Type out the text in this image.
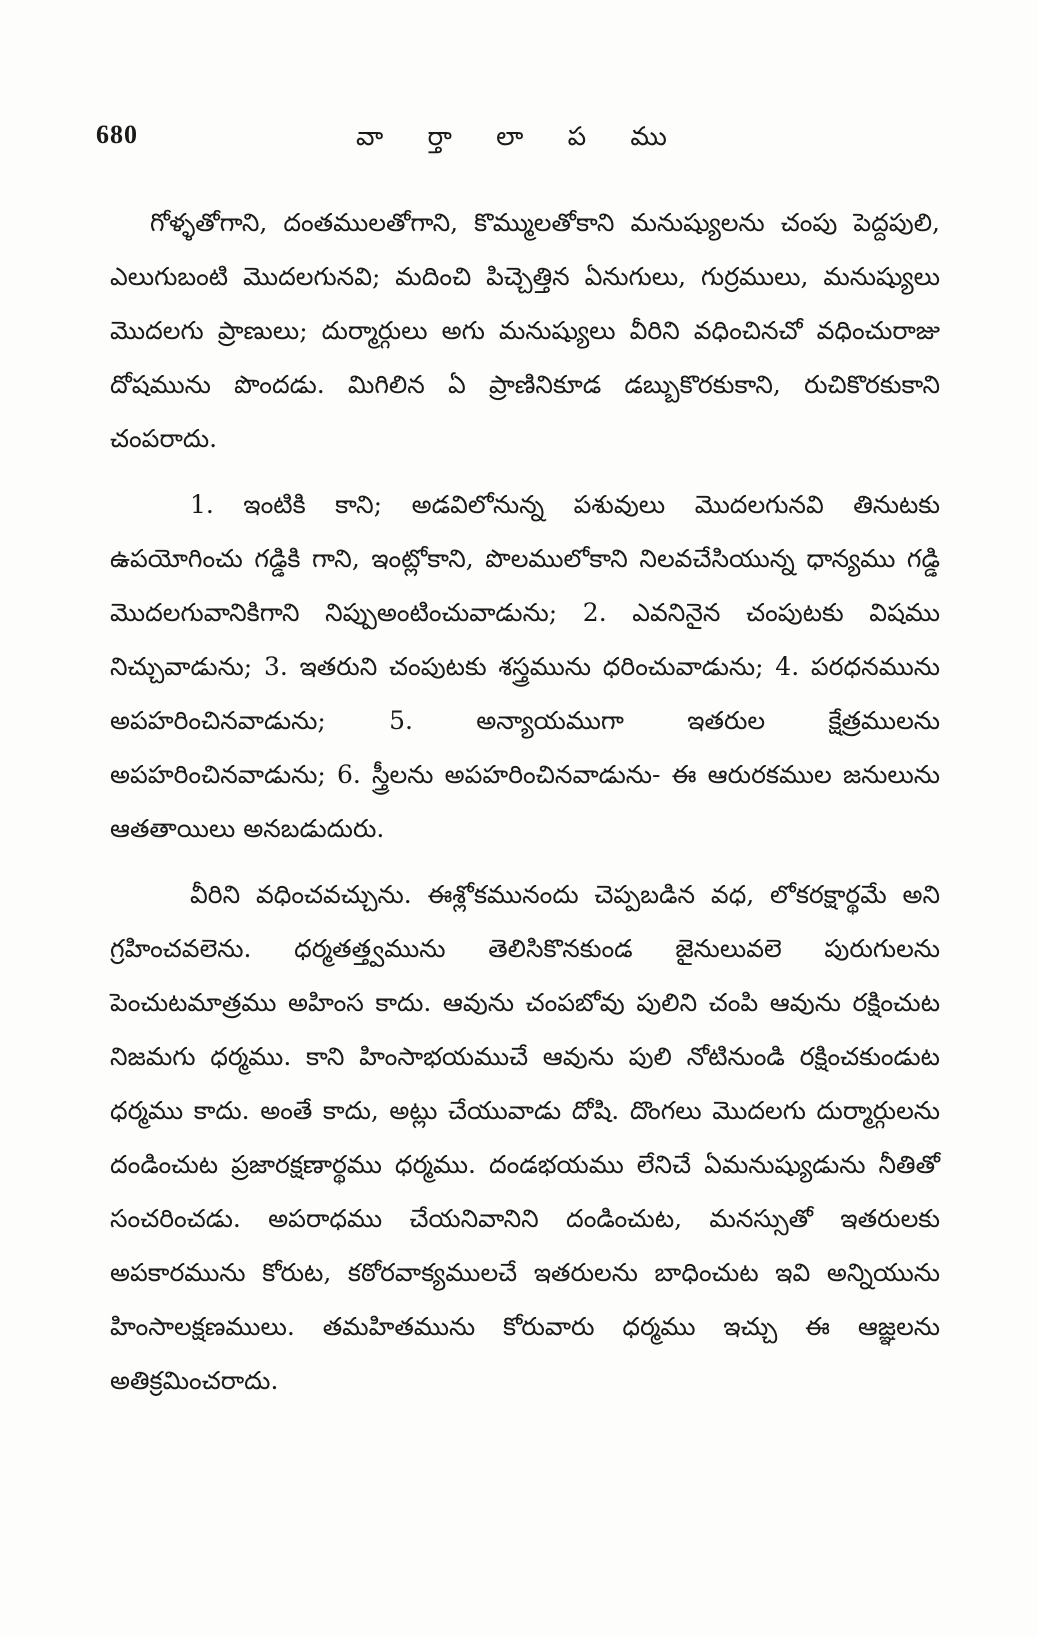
680	వా ర్తా లా ప ము

గోళ్ళతోగాని, దంతములతోగాని, కొమ్ములతోకాని మనుష్యులను చంపు పెద్దపులి, ఎలుగుబంటి మొదలగునవి; మదించి పిచ్చెత్తిన ఏనుగులు, గుర్రములు, మనుష్యులు మొదలగు ప్రాణులు; దుర్మార్గులు అగు మనుష్యులు వీరిని వధించినచో వధించురాజు దోషమును పొందడు. మిగిలిన ఏ ప్రాణినికూడ డబ్బుకొరకుకాని, రుచికొరకుకాని చంపరాదు.

1. ఇంటికి కాని; అడవిలోనున్న పశువులు మొదలగునవి తినుటకు ఉపయోగించు గడ్డికి గాని, ఇంట్లోకాని, పొలములోకాని నిలవచేసియున్న ధాన్యము గడ్డి మొదలగువానికిగాని నిప్పుఅంటించువాడును; 2. ఎవనినైన చంపుటకు విషము నిచ్చువాడును; 3. ఇతరుని చంపుటకు శస్త్రమును ధరించువాడును; 4. పరధనమును అపహరించినవాడును; 5. అన్యాయముగా ఇతరుల క్షేత్రములను అపహరించినవాడును; 6. స్త్రీలను అపహరించినవాడును- ఈ ఆరురకముల జనులును ఆతతాయిలు అనబడుదురు.

వీరిని వధించవచ్చును. ఈశ్లోకమునందు చెప్పబడిన వధ, లోకరక్షార్థమే అని గ్రహించవలెను. ధర్మతత్త్వమును తెలిసికొనకుండ జైనులువలె పురుగులను పెంచుటమాత్రము అహింస కాదు. ఆవును చంపబోవు పులిని చంపి ఆవును రక్షించుట నిజమగు ధర్మము. కాని హింసాభయముచే ఆవును పులి నోటినుండి రక్షించకుండుట ధర్మము కాదు. అంతే కాదు, అట్లు చేయువాడు దోషి. దొంగలు మొదలగు దుర్మార్గులను దండించుట ప్రజారక్షణార్థము ధర్మము. దండభయము లేనిచే ఏమనుష్యుడును నీతితో సంచరించడు. అపరాధము చేయనివానిని దండించుట, మనస్సుతో ఇతరులకు అపకారమును కోరుట, కఠోరవాక్యములచే ఇతరులను బాధించుట ఇవి అన్నియును హింసాలక్షణములు. తమహితమును కోరువారు ధర్మము ఇచ్చు ఈ ఆజ్ఞలను అతిక్రమించరాదు.
